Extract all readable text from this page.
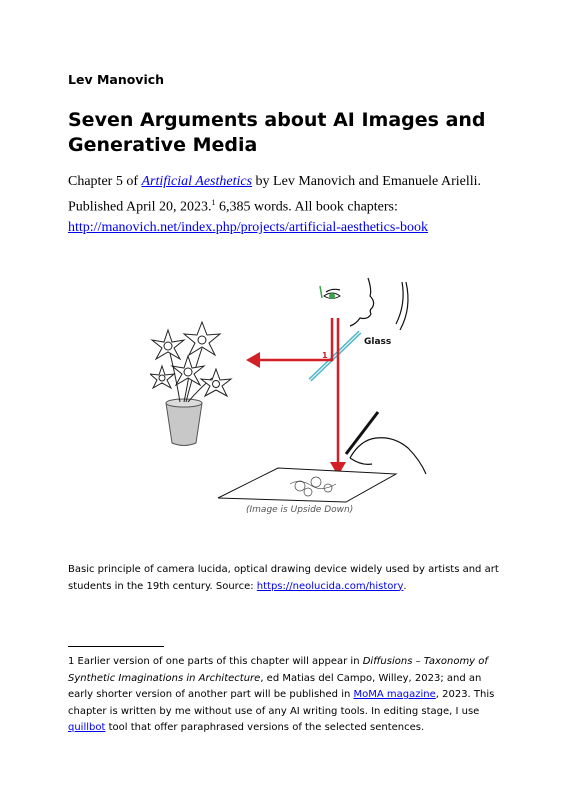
Lev Manovich
Seven Arguments about AI Images and Generative Media
Chapter 5 of Artificial Aesthetics by Lev Manovich and Emanuele Arielli. Published April 20, 2023.$^1$ 6,385 words. All book chapters: http://manovich.net/index.php/projects/artificial-aesthetics-book
Glass
1
(Image is Upside Down)
Basic principle of camera lucida, optical drawing device widely used by artists and art students in the 19th century. Source: https://neolucida.com/history.
1 Earlier version of one parts of this chapter will appear in Diffusions – Taxonomy of Synthetic Imaginations in Architecture, ed Matias del Campo, Willey, 2023; and an early shorter version of another part will be published in MoMA magazine, 2023. This chapter is written by me without use of any AI writing tools. In editing stage, I use quillbot tool that offer paraphrased versions of the selected sentences.
